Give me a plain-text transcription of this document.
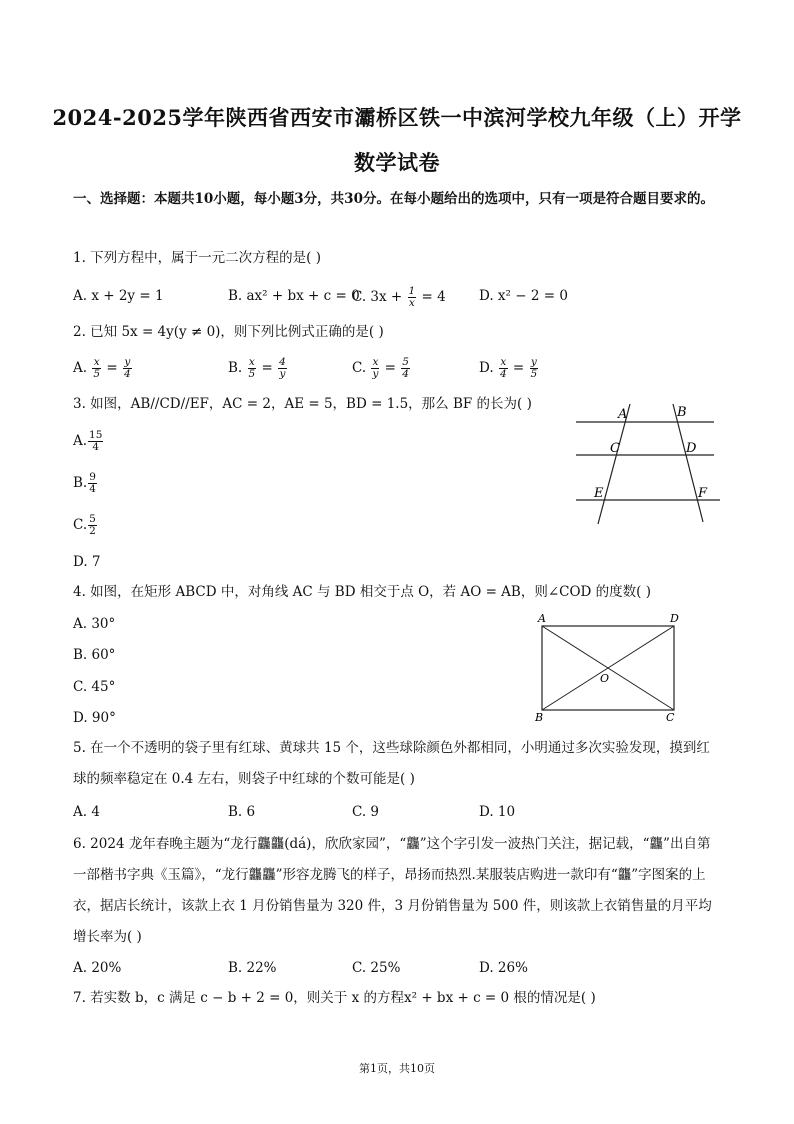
2024-2025学年陕西省西安市灞桥区铁一中滨河学校九年级（上）开学
数学试卷
一、选择题：本题共10小题，每小题3分，共30分。在每小题给出的选项中，只有一项是符合题目要求的。
1. 下列方程中，属于一元二次方程的是( )
A. x + 2y = 1	B. ax² + bx + c = 0
C. $3x + \frac{1}{x} = 4$ D. x² − 2 = 0
2. 已知 5x = 4y(y ≠ 0)，则下列比例式正确的是( )
A. $\frac{x}{5} = \frac{y}{4}$	B. $\frac{x}{5} = \frac{4}{y}$	C. $\frac{x}{y} = \frac{5}{4}$	D. $\frac{x}{4} = \frac{y}{5}$
3. 如图，AB//CD//EF，AC = 2，AE = 5，BD = 1.5，那么 BF 的长为( )
A. $\frac{15}{4}$
B. $\frac{9}{4}$
C. $\frac{5}{2}$
D. 7
A	B
C	D
E	F
4. 如图，在矩形 ABCD 中，对角线 AC 与 BD 相交于点 O，若 AO = AB，则∠COD 的度数( )
A. 30°
B. 60°
C. 45°
D. 90°
A	D
O
B	C
5. 在一个不透明的袋子里有红球、黄球共 15 个，这些球除颜色外都相同，小明通过多次实验发现，摸到红球的频率稳定在 0.4 左右，则袋子中红球的个数可能是( )
A. 4	B. 6	C. 9	D. 10
6. 2024 龙年春晚主题为“龙行龘龘(dá)，欣欣家园”，“龘”这个字引发一波热门关注，据记载，“龘”出自第一部楷书字典《玉篇》，“龙行龘龘”形容龙腾飞的样子，昂扬而热烈.某服装店购进一款印有“龘”字图案的上衣，据店长统计，该款上衣 1 月份销售量为 320 件，3 月份销售量为 500 件，则该款上衣销售量的月平均增长率为( )
A. 20%	B. 22%	C. 25%	D. 26%
7. 若实数 b，c 满足 c − b + 2 = 0，则关于 x 的方程x² + bx + c = 0 根的情况是( )
第1页，共10页
